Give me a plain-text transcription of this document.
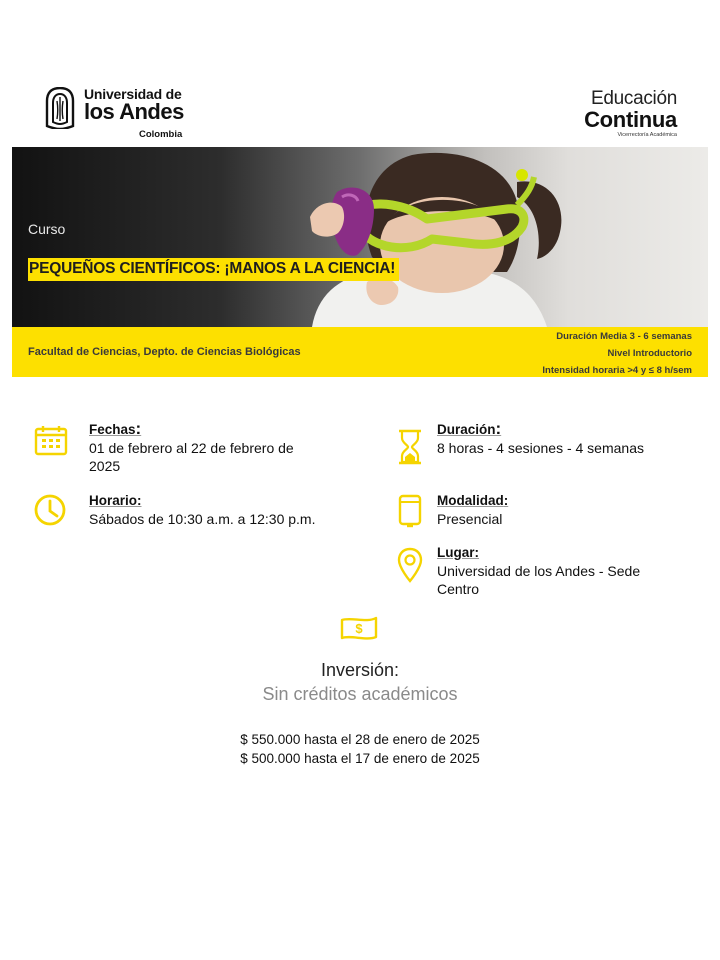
Universidad de
los Andes
Colombia
Educación
Continua
Vicerrectoría Académica
Curso
PEQUEÑOS CIENTÍFICOS: ¡MANOS A LA CIENCIA!
Facultad de Ciencias, Depto. de Ciencias Biológicas
Duración Media 3 - 6 semanas
Nivel Introductorio
Intensidad horaria >4 y ≤ 8 h/sem
Fechas:
01 de febrero al 22 de febrero de 2025
Horario:
Sábados de 10:30 a.m. a 12:30 p.m.
Duración:
8 horas - 4 sesiones - 4 semanas
Modalidad:
Presencial
Lugar:
Universidad de los Andes - Sede Centro
$
Inversión:
Sin créditos académicos
$ 550.000 hasta el 28 de enero de 2025
$ 500.000 hasta el 17 de enero de 2025
